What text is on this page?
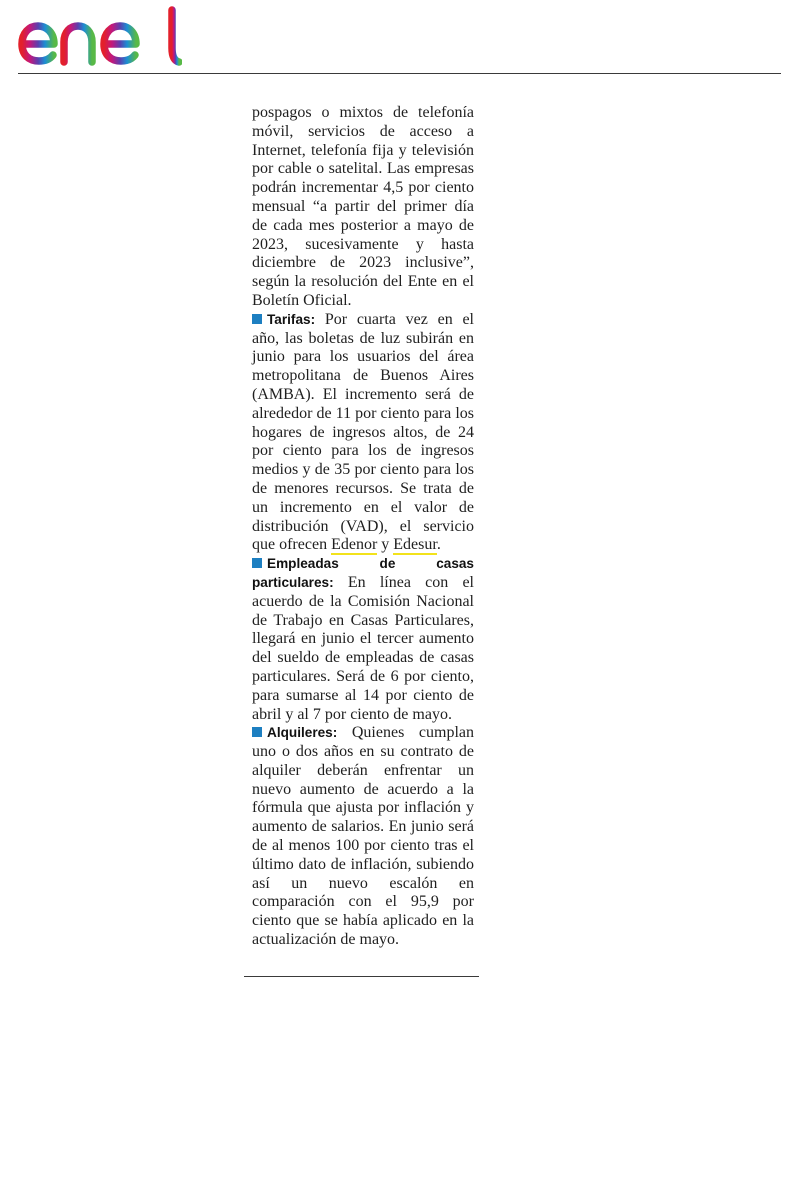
pospagos o mixtos de telefonía móvil, servicios de acceso a Internet, telefonía fija y televisión por cable o satelital. Las empresas podrán incrementar 4,5 por ciento mensual “a partir del primer día de cada mes posterior a mayo de 2023, sucesivamente y hasta diciembre de 2023 inclusive”, según la resolución del Ente en el Boletín Oficial.

Tarifas: Por cuarta vez en el año, las boletas de luz subirán en junio para los usuarios del área metropolitana de Buenos Aires (AMBA). El incremento será de alrededor de 11 por ciento para los hogares de ingresos altos, de 24 por ciento para los de ingresos medios y de 35 por ciento para los de menores recursos. Se trata de un incremento en el valor de distribución (VAD), el servicio que ofrecen Edenor y Edesur.

Empleadas de casas particulares: En línea con el acuerdo de la Comisión Nacional de Trabajo en Casas Particulares, llegará en junio el tercer aumento del sueldo de empleadas de casas particulares. Será de 6 por ciento, para sumarse al 14 por ciento de abril y al 7 por ciento de mayo.

Alquileres: Quienes cumplan uno o dos años en su contrato de alquiler deberán enfrentar un nuevo aumento de acuerdo a la fórmula que ajusta por inflación y aumento de salarios. En junio será de al menos 100 por ciento tras el último dato de inflación, subiendo así un nuevo escalón en comparación con el 95,9 por ciento que se había aplicado en la actualización de mayo.
